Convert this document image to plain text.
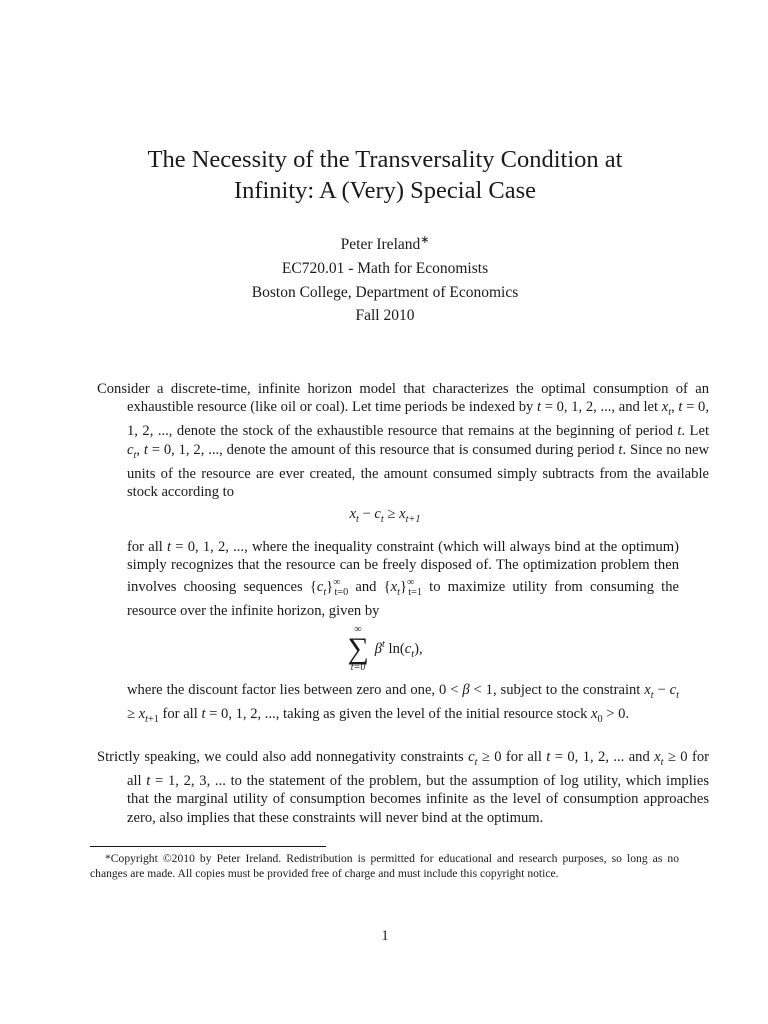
The Necessity of the Transversality Condition at
Infinity: A (Very) Special Case
Peter Ireland∗
EC720.01 - Math for Economists
Boston College, Department of Economics
Fall 2010
Consider a discrete-time, infinite horizon model that characterizes the optimal consumption of an exhaustible resource (like oil or coal). Let time periods be indexed by t = 0, 1, 2, ..., and let $x_t$, t = 0, 1, 2, ..., denote the stock of the exhaustible resource that remains at the beginning of period t. Let $c_t$, t = 0, 1, 2, ..., denote the amount of this resource that is consumed during period t. Since no new units of the resource are ever created, the amount consumed simply subtracts from the available stock according to
$x_t - c_t \ge x_{t+1}$
for all t = 0, 1, 2, ..., where the inequality constraint (which will always bind at the optimum) simply recognizes that the resource can be freely disposed of. The optimization problem then involves choosing sequences $\{c_t\}^\infty_{t=0}$ and $\{x_t\}^\infty_{t=1}$ to maximize utility from consuming the resource over the infinite horizon, given by
∞
∑
t=0
$\beta^t$ $\ln(c_t)$,
where the discount factor lies between zero and one, 0 < β < 1, subject to the constraint $x_t - c_t \ge x_{t+1}$ for all t = 0, 1, 2, ..., taking as given the level of the initial resource stock $x_0 > 0$.
Strictly speaking, we could also add nonnegativity constraints $c_t \ge 0$ for all t = 0, 1, 2, ... and $x_t \ge 0$ for all t = 1, 2, 3, ... to the statement of the problem, but the assumption of log utility, which implies that the marginal utility of consumption becomes infinite as the level of consumption approaches zero, also implies that these constraints will never bind at the optimum.
*Copyright ©2010 by Peter Ireland. Redistribution is permitted for educational and research purposes, so long as no changes are made. All copies must be provided free of charge and must include this copyright notice.
1
